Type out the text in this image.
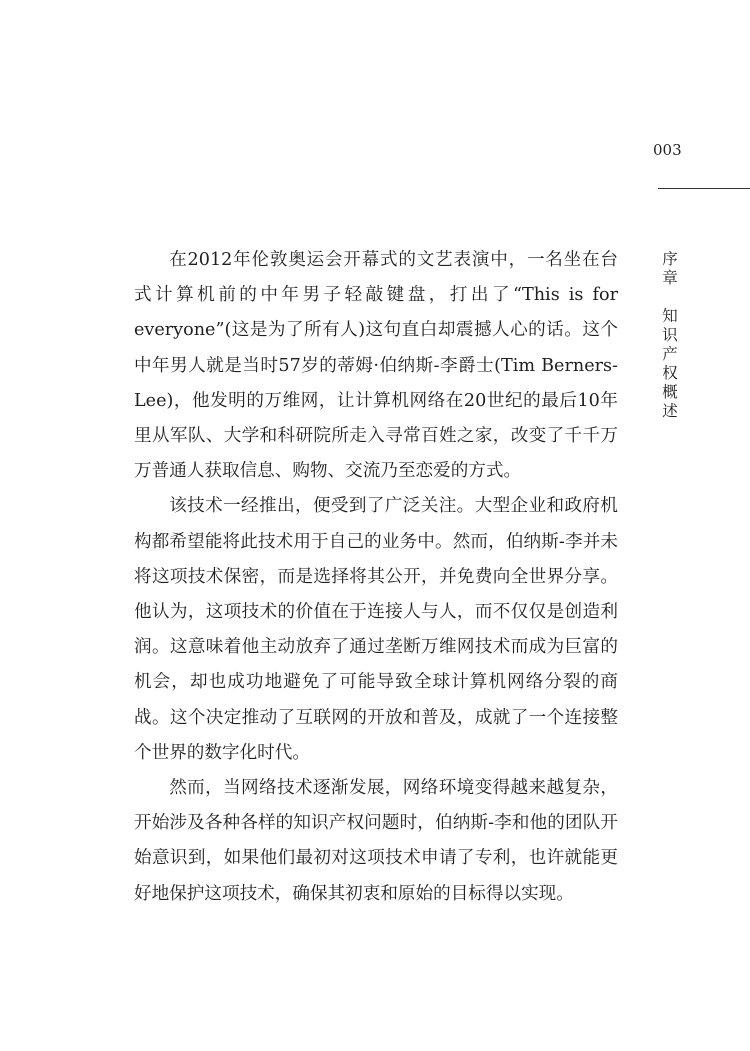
003
序章
知识产权概述

在2012年伦敦奥运会开幕式的文艺表演中，一名坐在台式计算机前的中年男子轻敲键盘，打出了“This is for everyone”(这是为了所有人)这句直白却震撼人心的话。这个中年男人就是当时57岁的蒂姆·伯纳斯-李爵士(Tim Berners-Lee)，他发明的万维网，让计算机网络在20世纪的最后10年里从军队、大学和科研院所走入寻常百姓之家，改变了千千万万普通人获取信息、购物、交流乃至恋爱的方式。

该技术一经推出，便受到了广泛关注。大型企业和政府机构都希望能将此技术用于自己的业务中。然而，伯纳斯-李并未将这项技术保密，而是选择将其公开，并免费向全世界分享。他认为，这项技术的价值在于连接人与人，而不仅仅是创造利润。这意味着他主动放弃了通过垄断万维网技术而成为巨富的机会，却也成功地避免了可能导致全球计算机网络分裂的商战。这个决定推动了互联网的开放和普及，成就了一个连接整个世界的数字化时代。

然而，当网络技术逐渐发展，网络环境变得越来越复杂，开始涉及各种各样的知识产权问题时，伯纳斯-李和他的团队开始意识到，如果他们最初对这项技术申请了专利，也许就能更好地保护这项技术，确保其初衷和原始的目标得以实现。
